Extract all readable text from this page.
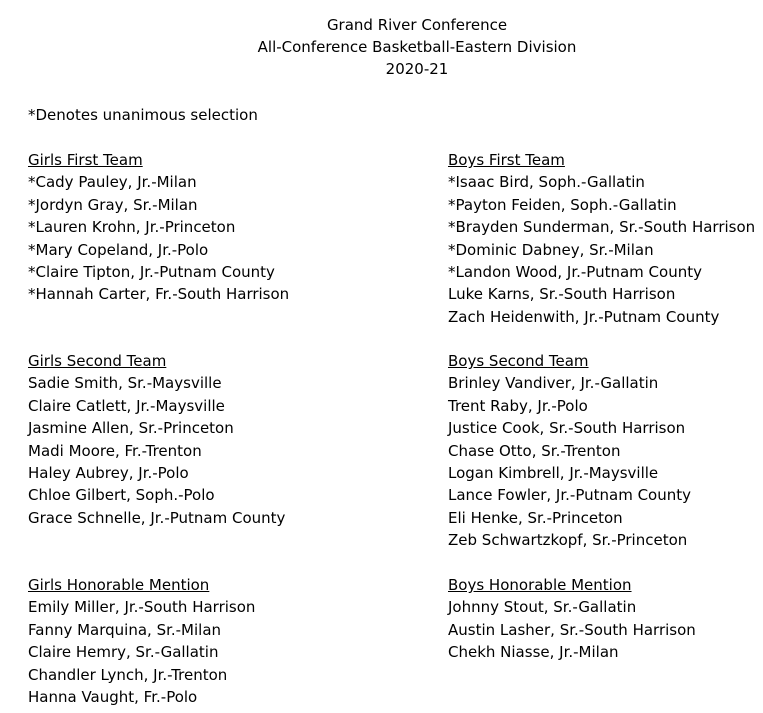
Grand River Conference
All-Conference Basketball-Eastern Division
2020-21
*Denotes unanimous selection
Girls First Team
*Cady Pauley, Jr.-Milan
*Jordyn Gray, Sr.-Milan
*Lauren Krohn, Jr.-Princeton
*Mary Copeland, Jr.-Polo
*Claire Tipton, Jr.-Putnam County
*Hannah Carter, Fr.-South Harrison
Boys First Team
*Isaac Bird, Soph.-Gallatin
*Payton Feiden, Soph.-Gallatin
*Brayden Sunderman, Sr.-South Harrison
*Dominic Dabney, Sr.-Milan
*Landon Wood, Jr.-Putnam County
Luke Karns, Sr.-South Harrison
Zach Heidenwith, Jr.-Putnam County
Girls Second Team
Sadie Smith, Sr.-Maysville
Claire Catlett, Jr.-Maysville
Jasmine Allen, Sr.-Princeton
Madi Moore, Fr.-Trenton
Haley Aubrey, Jr.-Polo
Chloe Gilbert, Soph.-Polo
Grace Schnelle, Jr.-Putnam County
Boys Second Team
Brinley Vandiver, Jr.-Gallatin
Trent Raby, Jr.-Polo
Justice Cook, Sr.-South Harrison
Chase Otto, Sr.-Trenton
Logan Kimbrell, Jr.-Maysville
Lance Fowler, Jr.-Putnam County
Eli Henke, Sr.-Princeton
Zeb Schwartzkopf, Sr.-Princeton
Girls Honorable Mention
Emily Miller, Jr.-South Harrison
Fanny Marquina, Sr.-Milan
Claire Hemry, Sr.-Gallatin
Chandler Lynch, Jr.-Trenton
Hanna Vaught, Fr.-Polo
Boys Honorable Mention
Johnny Stout, Sr.-Gallatin
Austin Lasher, Sr.-South Harrison
Chekh Niasse, Jr.-Milan
